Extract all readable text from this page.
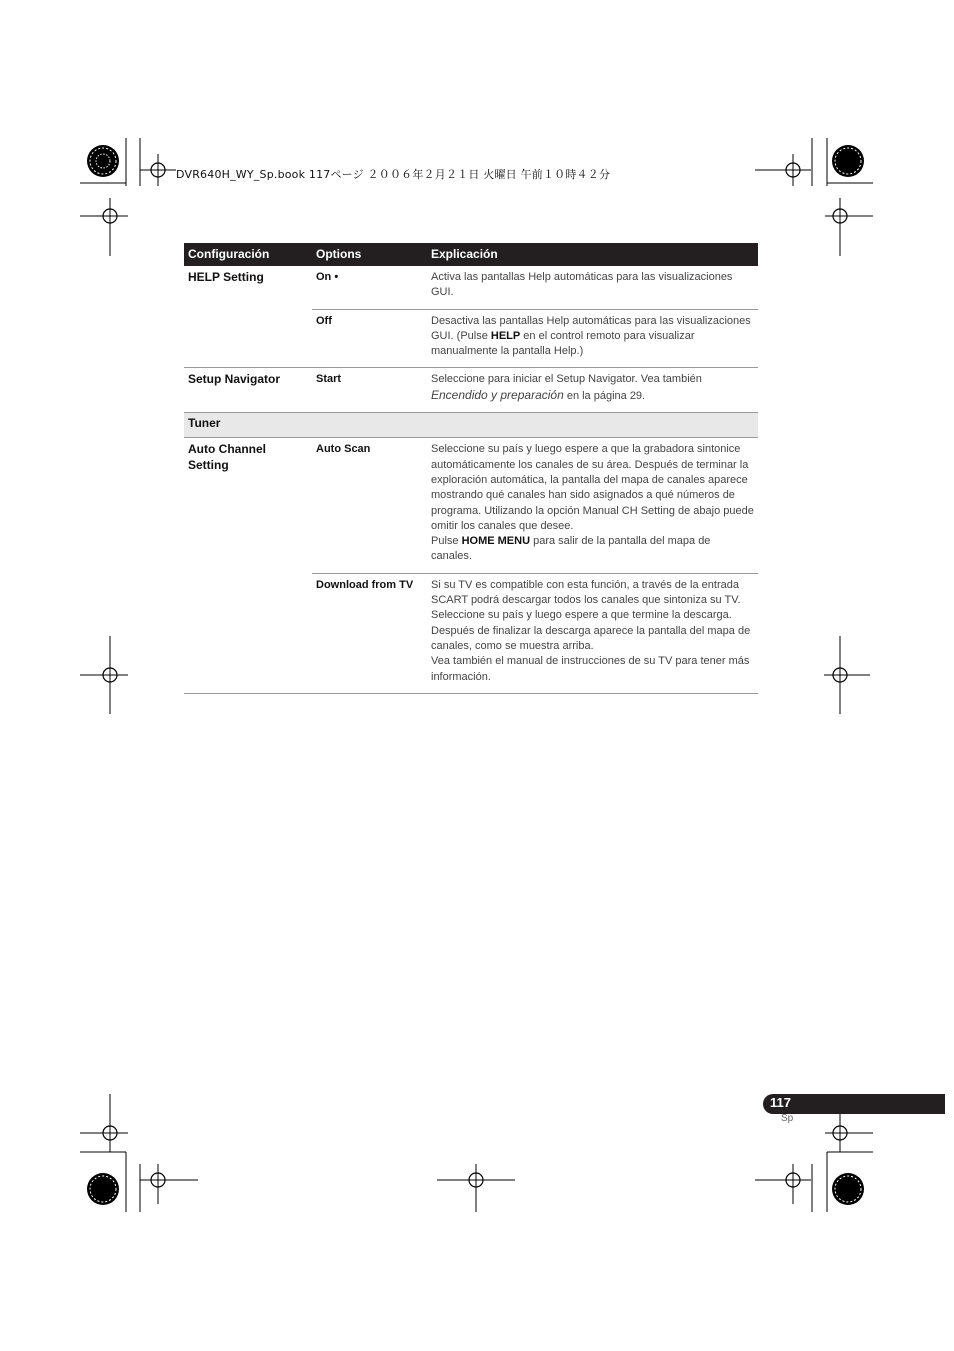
DVR640H_WY_Sp.book 117ページ ２００６年２月２１日 火曜日 午前１０時４２分
Configuración	Options	Explicación
HELP Setting	On •	Activa las pantallas Help automáticas para las visualizaciones GUI.
	Off	Desactiva las pantallas Help automáticas para las visualizaciones GUI. (Pulse HELP en el control remoto para visualizar manualmente la pantalla Help.)
Setup Navigator	Start	Seleccione para iniciar el Setup Navigator. Vea también Encendido y preparación en la página 29.
Tuner		
Auto Channel Setting	Auto Scan	Seleccione su país y luego espere a que la grabadora sintonice automáticamente los canales de su área. Después de terminar la exploración automática, la pantalla del mapa de canales aparece mostrando qué canales han sido asignados a qué números de programa. Utilizando la opción Manual CH Setting de abajo puede omitir los canales que desee.
Pulse HOME MENU para salir de la pantalla del mapa de canales.
	Download from TV	Si su TV es compatible con esta función, a través de la entrada SCART podrá descargar todos los canales que sintoniza su TV. Seleccione su país y luego espere a que termine la descarga. Después de finalizar la descarga aparece la pantalla del mapa de canales, como se muestra arriba.
Vea también el manual de instrucciones de su TV para tener más información.
117
Sp
